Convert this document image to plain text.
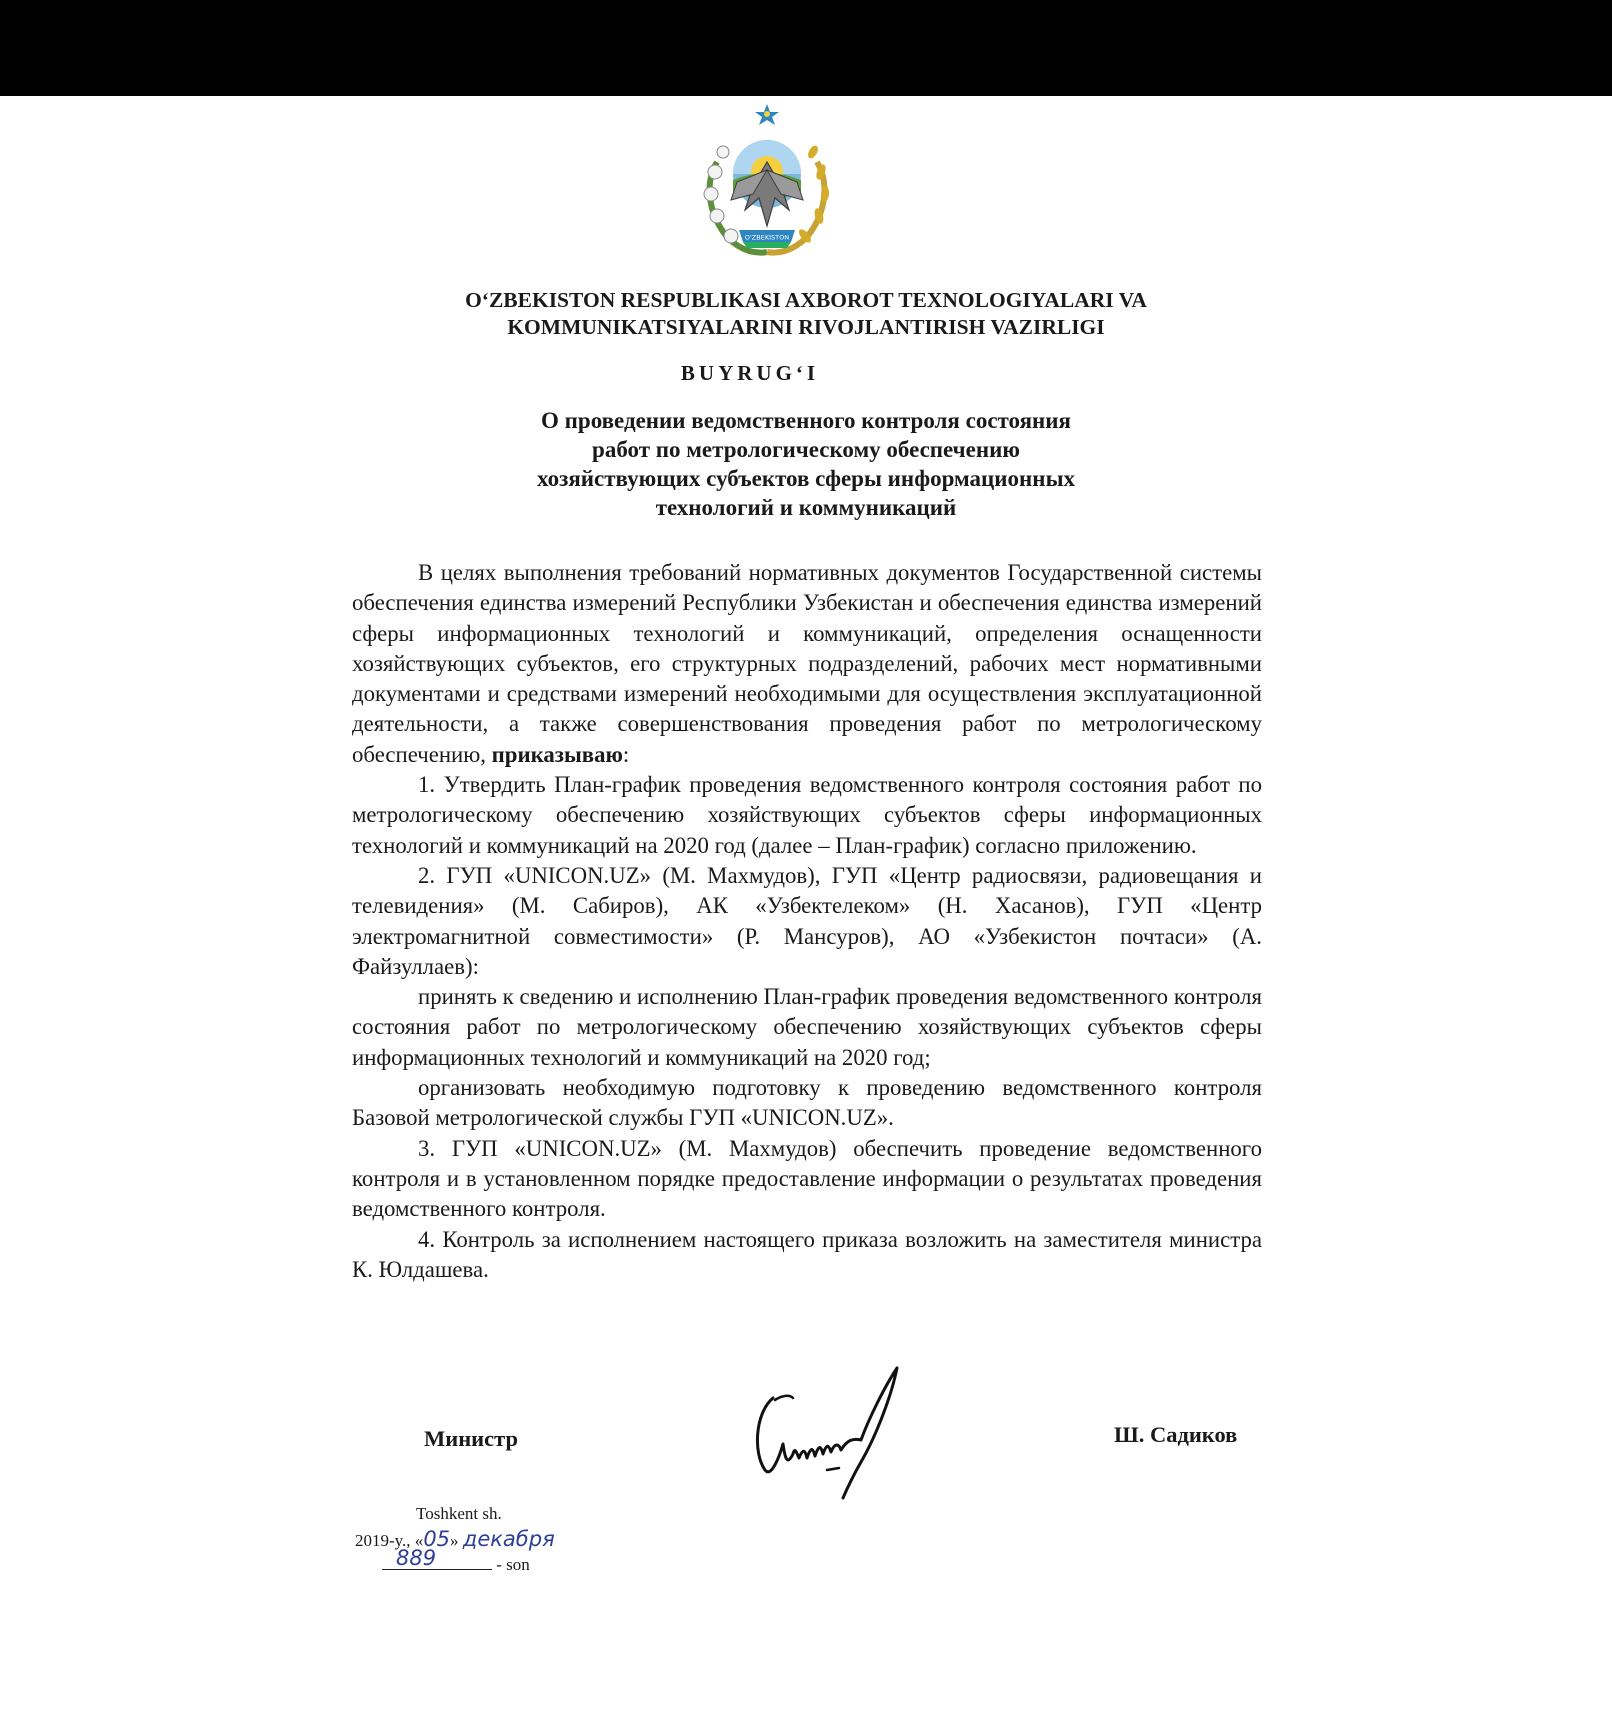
O'ZBEKISTON
O‘ZBEKISTON RESPUBLIKASI AXBOROT TEXNOLOGIYALARI VA
KOMMUNIKATSIYALARINI RIVOJLANTIRISH VAZIRLIGI
BUYRUG‘I
О проведении ведомственного контроля состояния
работ по метрологическому обеспечению
хозяйствующих субъектов сферы информационных
технологий и коммуникаций

В целях выполнения требований нормативных документов Государственной системы обеспечения единства измерений Республики Узбекистан и обеспечения единства измерений сферы информационных технологий и коммуникаций, определения оснащенности хозяйствующих субъектов, его структурных подразделений, рабочих мест нормативными документами и средствами измерений необходимыми для осуществления эксплуатационной деятельности, а также совершенствования проведения работ по метрологическому обеспечению, приказываю:

1. Утвердить План-график проведения ведомственного контроля состояния работ по метрологическому обеспечению хозяйствующих субъектов сферы информационных технологий и коммуникаций на 2020 год (далее – План-график) согласно приложению.

2. ГУП «UNICON.UZ» (М. Махмудов), ГУП «Центр радиосвязи, радиовещания и телевидения» (М. Сабиров), АК «Узбектелеком» (Н. Хасанов), ГУП «Центр электромагнитной совместимости» (Р. Мансуров), АО «Узбекистон почтаси» (А. Файзуллаев):

принять к сведению и исполнению План-график проведения ведомственного контроля состояния работ по метрологическому обеспечению хозяйствующих субъектов сферы информационных технологий и коммуникаций на 2020 год;

организовать необходимую подготовку к проведению ведомственного контроля Базовой метрологической службы ГУП «UNICON.UZ».

3. ГУП «UNICON.UZ» (М. Махмудов) обеспечить проведение ведомственного контроля и в установленном порядке предоставление информации о результатах проведения ведомственного контроля.

4. Контроль за исполнением настоящего приказа возложить на заместителя министра К. Юлдашева.

Министр	Ш. Садиков
Toshkent sh.
2019-y., «05» декабря
889	- son
